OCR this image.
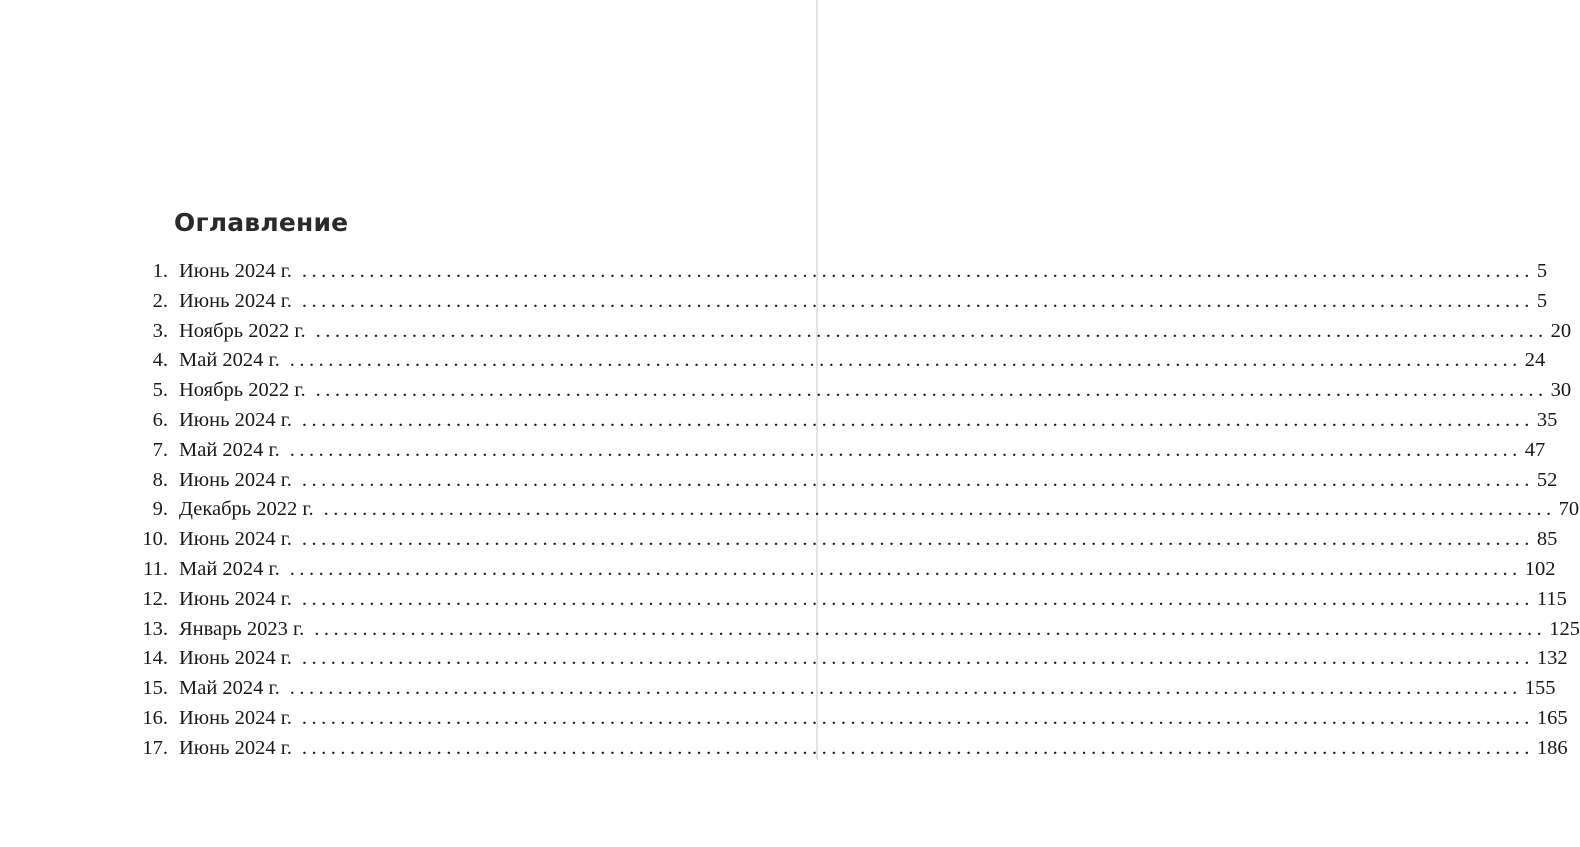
Оглавление
1. Июнь 2024 г. ................................................................................................................................ 5
2. Июнь 2024 г. ................................................................................................................................ 5
3. Ноябрь 2022 г. ................................................................................................................................ 20
4. Май 2024 г. ................................................................................................................................ 24
5. Ноябрь 2022 г. ................................................................................................................................ 30
6. Июнь 2024 г. ................................................................................................................................ 35
7. Май 2024 г. ................................................................................................................................ 47
8. Июнь 2024 г. ................................................................................................................................ 52
9. Декабрь 2022 г. ................................................................................................................................ 70
10. Июнь 2024 г. ................................................................................................................................ 85
11. Май 2024 г. ................................................................................................................................ 102
12. Июнь 2024 г. ................................................................................................................................ 115
13. Январь 2023 г. ................................................................................................................................ 125
14. Июнь 2024 г. ................................................................................................................................ 132
15. Май 2024 г. ................................................................................................................................ 155
16. Июнь 2024 г. ................................................................................................................................ 165
17. Июнь 2024 г. ................................................................................................................................ 186
